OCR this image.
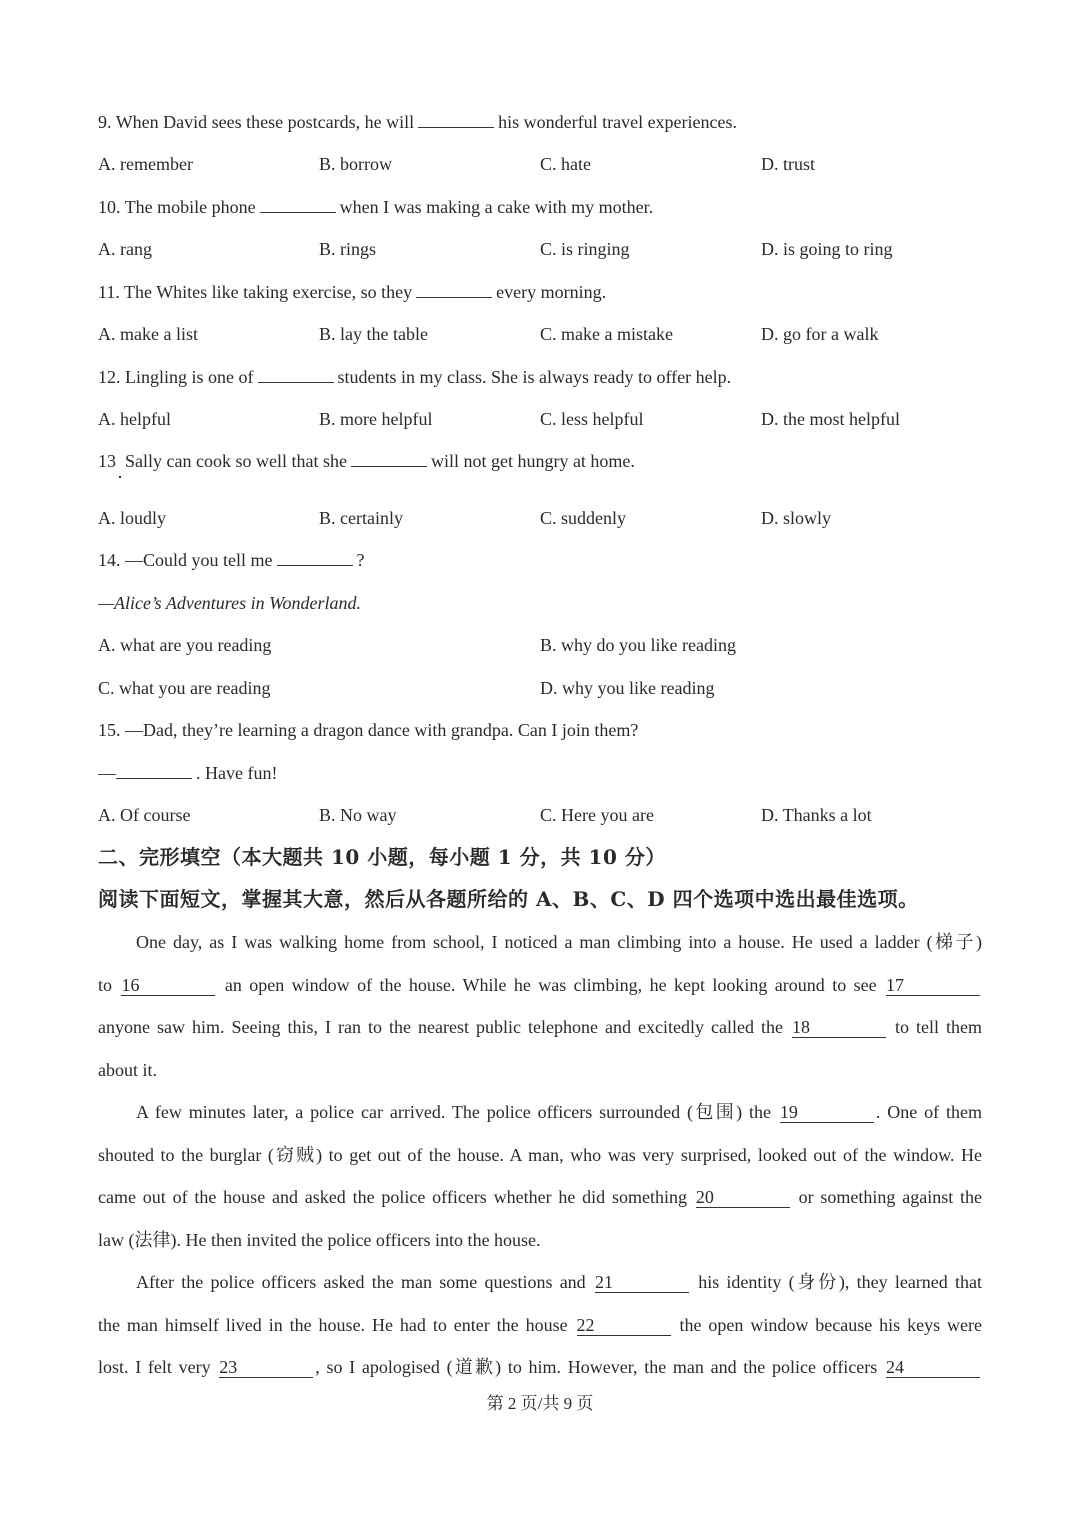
9. When David sees these postcards, he will	his wonderful travel experiences.
A. remember	B. borrow	C. hate	D. trust
10. The mobile phone	when I was making a cake with my mother.
A. rang	B. rings	C. is ringing	D. is going to ring
11. The Whites like taking exercise, so they	every morning.
A. make a list	B. lay the table	C. make a mistake	D. go for a walk
12. Lingling is one of	students in my class. She is always ready to offer help.
A. helpful	B. more helpful	C. less helpful	D. the most helpful
13 Sally can cook so well that she	will not get hungry at home.
A. loudly	B. certainly	C. suddenly	D. slowly
14. —Could you tell me	?
—Alice’s Adventures in Wonderland.
A. what are you reading	B. why do you like reading
C. what you are reading	D. why you like reading
15. —Dad, they’re learning a dragon dance with grandpa. Can I join them?
—	. Have fun!
A. Of course	B. No way	C. Here you are	D. Thanks a lot
二、完形填空（本大题共 10 小题，每小题 1 分，共 10 分）
阅读下面短文，掌握其大意，然后从各题所给的 A、B、C、D 四个选项中选出最佳选项。
One day, as I was walking home from school, I noticed a man climbing into a house. He used a ladder (梯子)
to 16	an open window of the house. While he was climbing, he kept looking around to see 17
anyone saw him. Seeing this, I ran to the nearest public telephone and excitedly called the 18	to tell them
about it.
A few minutes later, a police car arrived. The police officers surrounded (包围) the 19	. One of them
shouted to the burglar (窃贼) to get out of the house. A man, who was very surprised, looked out of the window. He
came out of the house and asked the police officers whether he did something 20	or something against the
law (法律). He then invited the police officers into the house.
After the police officers asked the man some questions and 21	his identity (身份), they learned that
the man himself lived in the house. He had to enter the house 22	the open window because his keys were
lost. I felt very 23	, so I apologised (道歉) to him. However, the man and the police officers 24
第 2 页/共 9 页
